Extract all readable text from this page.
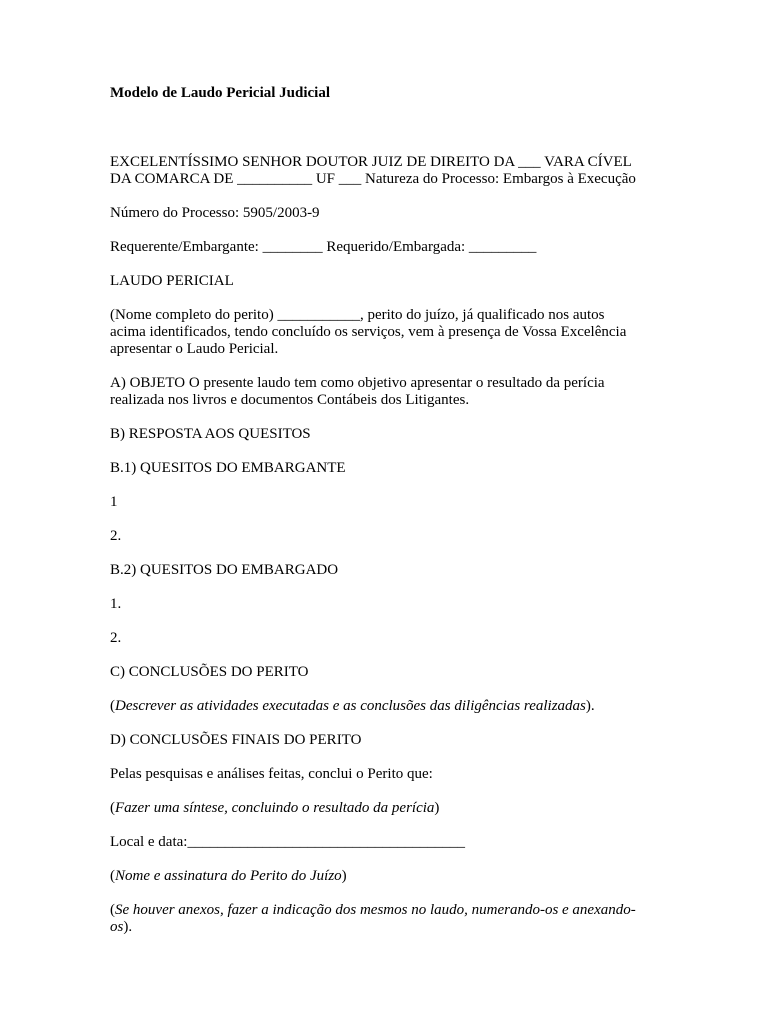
Modelo de Laudo Pericial Judicial

EXCELENTÍSSIMO SENHOR DOUTOR JUIZ DE DIREITO DA ___ VARA CÍVEL

DA COMARCA DE __________ UF ___ Natureza do Processo: Embargos à Execução

Número do Processo: 5905/2003-9

Requerente/Embargante: ________ Requerido/Embargada: _________

LAUDO PERICIAL

(Nome completo do perito) ___________, perito do juízo, já qualificado nos autos

acima identificados, tendo concluído os serviços, vem à presença de Vossa Excelência

apresentar o Laudo Pericial.

A) OBJETO O presente laudo tem como objetivo apresentar o resultado da perícia

realizada nos livros e documentos Contábeis dos Litigantes.

B) RESPOSTA AOS QUESITOS

B.1) QUESITOS DO EMBARGANTE

1

2.

B.2) QUESITOS DO EMBARGADO

1.

2.

C) CONCLUSÕES DO PERITO

(Descrever as atividades executadas e as conclusões das diligências realizadas).

D) CONCLUSÕES FINAIS DO PERITO

Pelas pesquisas e análises feitas, conclui o Perito que:

(Fazer uma síntese, concluindo o resultado da perícia)

Local e data:_____________________________________

(Nome e assinatura do Perito do Juízo)

(Se houver anexos, fazer a indicação dos mesmos no laudo, numerando-os e anexando-

os).
